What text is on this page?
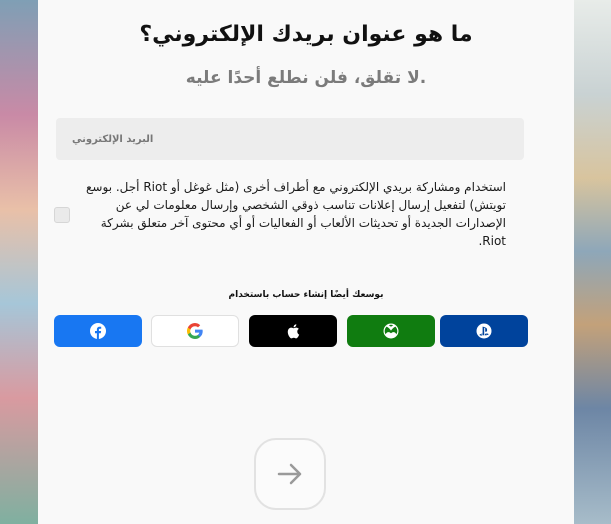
ما هو عنوان بريدك الإلكتروني؟
.لا تقلق، فلن نطلع أحدًا عليه
البريد الإلكتروني
استخدام ومشاركة بريدي الإلكتروني مع أطراف أخرى (مثل غوغل أو Riot أجل. بوسع تويتش) لتفعيل إرسال إعلانات تناسب ذوقي الشخصي وإرسال معلومات لي عن الإصدارات الجديدة أو تحديثات الألعاب أو الفعاليات أو أي محتوى آخر متعلق بشركة Riot.
بوسعك أيضًا إنشاء حساب باستخدام
